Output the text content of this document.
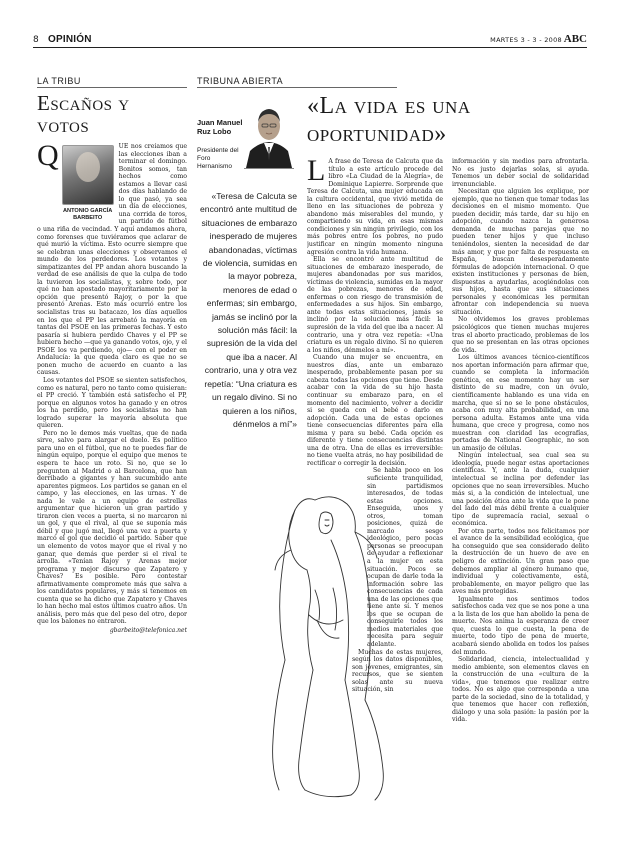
8 OPINIÓN	MARTES 3 - 3 - 2008 ABC
LA TRIBU	TRIBUNA ABIERTA
Escaños y votos

Q
ANTONIO GARCÍA BARBEITO
UE nos creíamos que las elecciones iban a terminar el domingo. Bonitos somos, tan hechos como estamos a llevar casi dos días hablando de lo que pasó, ya sea un día de elecciones, una corrida de toros, un partido de fútbol o una riña de vecindad. Y aquí andamos ahora, como forenses que tuviéramos que aclarar de qué murió la víctima. Esto ocurre siempre que se celebran unas elecciones y observamos el mundo de los perdedores. Los votantes y simpatizantes del PP andan ahora buscando la verdad de ese análisis de que la culpa de todo la tuvieron los socialistas, y, sobre todo, por qué no han apostado mayoritariamente por la opción que presentó Rajoy, o por la que presentó Arenas. Esto más ocurrió entre los socialistas tras su batacazo, los días aquellos en los que el PP les arrebató la mayoría en tantas del PSOE en las primeras fechas. Y esto pasaría si hubiera perdido Chaves y el PP se hubiera hecho —que ya ganando votos, ojo, y el PSOE los va perdiendo, ojo— con el poder en Andalucía: la que queda claro es que no se ponen mucho de acuerdo en cuanto a las causas.

Los votantes del PSOE se sienten satisfechos, como es natural, pero no tanto como quisieran: el PP creció. Y también está satisfecho el PP, porque en algunos votos ha ganado y en otros los ha perdido, pero los socialistas no han logrado superar la mayoría absoluta que quieren.

Pero no le demos más vueltas, que de nada sirve, salvo para alargar el duelo. Es político para uno en el fútbol, que no te puedes fiar de ningún equipo, porque el equipo que menos te espera te hace un roto. Si no, que se lo pregunten al Madrid o al Barcelona, que han derribado a gigantes y han sucumbido ante aparentes pigmeos. Los partidos se ganan en el campo, y las elecciones, en las urnas. Y de nada le vale a un equipo de estrellas argumentar que hicieron un gran partido y tiraron cien veces a puerta, si no marcaron ni un gol, y que el rival, al que se suponía más débil y que jugó mal, llegó una vez a puerta y marcó el gol que decidió el partido. Saber que un elemento de votos mayor que el rival y no ganar, que demás que perder si el rival te arrolla. «Tenían Rajoy y Arenas mejor programa y mejor discurso que Zapatero y Chaves? Es posible. Pero contestar afirmativamente compromete más que salva a los candidatos populares, y más si tenemos en cuenta que se ha dicho que Zapatero y Chaves lo han hecho mal estos últimos cuatro años. Un análisis, pero más que del peso del otro, depor que los balones no entraron.

gbarbeito@telefonica.net
Juan Manuel Ruz Lobo
Presidente del Foro Hernanismo

«Teresa de Calcuta se encontró ante multitud de situaciones de embarazo inesperado de mujeres abandonadas, víctimas de violencia, sumidas en la mayor pobreza, menores de edad o enfermas; sin embargo, jamás se inclinó por la solución más fácil: la supresión de la vida del que iba a nacer. Al contrario, una y otra vez repetía: “Una criatura es un regalo divino. Si no quieren a los niños, dénmelos a mí”»

«La vida es una oportunidad»

L A frase de Teresa de Calcuta que da título a este artículo procede del libro «La Ciudad de la Alegría», de Dominique Lapierre. Sorprende que Teresa de Calcuta, una mujer educada en la cultura occidental, que vivió metida de lleno en las situaciones de pobreza y abandono más miserables del mundo, y compartiendo su vida, en esas mismas condiciones y sin ningún privilegio, con los más pobres entre los pobres, no pudo justificar en ningún momento ninguna agresión contra la vida humana.

Ella se encontró ante multitud de situaciones de embarazo inesperado, de mujeres abandonadas por sus maridos, víctimas de violencia, sumidas en la mayor de las pobrezas, menores de edad, enfermas o con riesgo de transmisión de enfermedades a sus hijos. Sin embargo, ante todas estas situaciones, jamás se inclinó por la solución más fácil: la supresión de la vida del que iba a nacer. Al contrario, una y otra vez repetía: «Una criatura es un regalo divino. Si no quieren a los niños, dénmelos a mí».

Cuando una mujer se encuentra, en nuestros días, ante un embarazo inesperado, probablemente pasan por su cabeza todas las opciones que tiene. Desde acabar con la vida de su hijo hasta continuar su embarazo para, en el momento del nacimiento, volver a decidir si se queda con el bebé o darlo en adopción. Cada una de estas opciones tiene consecuencias diferentes para ella misma y para su bebé. Cada opción es diferente y tiene consecuencias distintas una de otra. Una de ellas es irreversible: no tiene vuelta atrás, no hay posibilidad de rectificar o corregir la decisión.

Se habla poco en los suficiente tranquilidad, sin partidismos interesados, de todas estas opciones. Enseguida, unos y otros, toman posiciones, quizá de marcado sesgo ideológico, pero pocas personas se preocupan de ayudar a reflexionar a la mujer en esta situación. Pocos se ocupan de darle toda la información sobre las consecuencias de cada una de las opciones que tiene ante sí. Y menos los que se ocupan de conseguirle todos los medios materiales que necesita para seguir adelante.

Muchas de estas mujeres, según los datos disponibles, son jóvenes, emigrantes, sin recursos, que se sienten solas ante su nueva situación, sin

información y sin medios para afrontarla. No es justo dejarlas solas, si ayuda. Tenemos un deber social de solidaridad irrenunciable.

Necesitan que alguien les explique, por ejemplo, que no tienen que tomar todas las decisiones en el mismo momento. Que pueden decidir, más tarde, dar su hijo en adopción, cuando nazca la generosa demanda de muchas parejas que no pueden tener hijos y que incluso teniéndolos, sienten la necesidad de dar más amor, y que por falta de respuesta en España, buscan desesperadamente fórmulas de adopción internacional. O que existen instituciones y personas de bien, dispuestas a ayudarlas, acogiéndolas con sus hijos, hasta que sus situaciones personales y económicas les permitan afrontar con independencia su nueva situación.

No olvidemos los graves problemas psicológicos que tienen muchas mujeres tras el aborto practicado, problemas de los que no se presentan en las otras opciones de vida.

Los últimos avances técnico-científicos nos aportan información para afirmar que, cuando se completa la información genética, en ese momento hay un ser distinto de su madre, con un óvulo, científicamente hablando es una vida en marcha, que sí no se le pone obstáculos, acaba con muy alta probabilidad, en una persona adulta. Estamos ante una vida humana, que crece y progresa, como nos muestran con claridad las ecografías, portadas de National Geographic, no son un amasijo de células.

Ningún intelectual, sea cual sea su ideología, puede negar estas aportaciones científicas. Y, ante la duda, cualquier intelectual se inclina por defender las opciones que no sean irreversibles. Mucho más si, a la condición de intelectual, une una posición ética ante la vida que le pone del lado del más débil frente a cualquier tipo de supremacía racial, sexual o económica.

Por otra parte, todos nos felicitamos por el avance de la sensibilidad ecológica, que ha conseguido que sea considerado delito la destrucción de un huevo de ave en peligro de extinción. Un gran paso que debemos ampliar al género humano que, individual y colectivamente, está, probablemente, en mayor peligro que las aves más protegidas.

Igualmente nos sentimos todos satisfechos cada vez que se nos pone a una a la lista de los que han abolido la pena de muerte. Nos anima la esperanza de creer que, cuesta lo que cuesta, la pena de muerte, todo tipo de pena de muerte, acabará siendo abolida en todos los países del mundo.

Solidaridad, ciencia, intelectualidad y medio ambiente, son elementos claves en la construcción de una «cultura de la vida», que tenemos que realizar entre todos. No es algo que corresponda a una parte de la sociedad, sino de la totalidad, y que tenemos que hacer con reflexión, diálogo y una sola pasión: la pasión por la vida.
